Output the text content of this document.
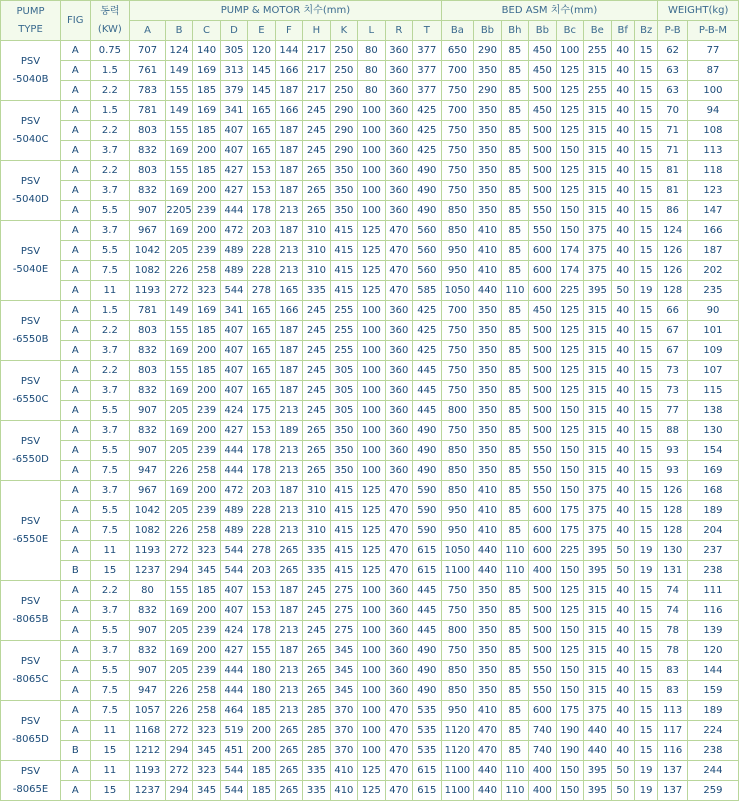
PUMP
TYPE	FIG	동력
(KW)	PUMP & MOTOR 치수(mm)											BED ASM 치수(mm)								WEIGHT(kg)	
			A	B	C	D	E	F	H	K	L	R	T	Ba	Bb	Bh	Bb	Bc	Be	Bf	Bz	P-B	P-B-M

PSV
-5040B	A	0.75	707	124	140	305	120	144	217	250	80	360	377	650	290	85	450	100	255	40	15	62	77
	A	1.5	761	149	169	313	145	166	217	250	80	360	377	700	350	85	450	125	315	40	15	63	87
	A	2.2	783	155	185	379	145	187	217	250	80	360	377	750	290	85	500	125	255	40	15	63	100

PSV
-5040C	A	1.5	781	149	169	341	165	166	245	290	100	360	425	700	350	85	450	125	315	40	15	70	94
	A	2.2	803	155	185	407	165	187	245	290	100	360	425	750	350	85	500	125	315	40	15	71	108
	A	3.7	832	169	200	407	165	187	245	290	100	360	425	750	350	85	500	150	315	40	15	71	113

PSV
-5040D	A	2.2	803	155	185	427	153	187	265	350	100	360	490	750	350	85	500	125	315	40	15	81	118
	A	3.7	832	169	200	427	153	187	265	350	100	360	490	750	350	85	500	125	315	40	15	81	123
	A	5.5	907	2205	239	444	178	213	265	350	100	360	490	850	350	85	550	150	315	40	15	86	147

PSV
-5040E	A	3.7	967	169	200	472	203	187	310	415	125	470	560	850	410	85	550	150	375	40	15	124	166
	A	5.5	1042	205	239	489	228	213	310	415	125	470	560	950	410	85	600	174	375	40	15	126	187
	A	7.5	1082	226	258	489	228	213	310	415	125	470	560	950	410	85	600	174	375	40	15	126	202
	A	11	1193	272	323	544	278	165	335	415	125	470	585	1050	440	110	600	225	395	50	19	128	235

PSV
-6550B	A	1.5	781	149	169	341	165	166	245	255	100	360	425	700	350	85	450	125	315	40	15	66	90
	A	2.2	803	155	185	407	165	187	245	255	100	360	425	750	350	85	500	125	315	40	15	67	101
	A	3.7	832	169	200	407	165	187	245	255	100	360	425	750	350	85	500	125	315	40	15	67	109

PSV
-6550C	A	2.2	803	155	185	407	165	187	245	305	100	360	445	750	350	85	500	125	315	40	15	73	107
	A	3.7	832	169	200	407	165	187	245	305	100	360	445	750	350	85	500	125	315	40	15	73	115
	A	5.5	907	205	239	424	175	213	245	305	100	360	445	800	350	85	500	150	315	40	15	77	138

PSV
-6550D	A	3.7	832	169	200	427	153	189	265	350	100	360	490	750	350	85	500	125	315	40	15	88	130
	A	5.5	907	205	239	444	178	213	265	350	100	360	490	850	350	85	550	150	315	40	15	93	154
	A	7.5	947	226	258	444	178	213	265	350	100	360	490	850	350	85	550	150	315	40	15	93	169

PSV
-6550E	A	3.7	967	169	200	472	203	187	310	415	125	470	590	850	410	85	550	150	375	40	15	126	168
	A	5.5	1042	205	239	489	228	213	310	415	125	470	590	950	410	85	600	175	375	40	15	128	189
	A	7.5	1082	226	258	489	228	213	310	415	125	470	590	950	410	85	600	175	375	40	15	128	204
	A	11	1193	272	323	544	278	265	335	415	125	470	615	1050	440	110	600	225	395	50	19	130	237
	B	15	1237	294	345	544	203	265	335	415	125	470	615	1100	440	110	400	150	395	50	19	131	238

PSV
-8065B	A	2.2	80	155	185	407	153	187	245	275	100	360	445	750	350	85	500	125	315	40	15	74	111
	A	3.7	832	169	200	407	153	187	245	275	100	360	445	750	350	85	500	125	315	40	15	74	116
	A	5.5	907	205	239	424	178	213	245	275	100	360	445	800	350	85	500	150	315	40	15	78	139

PSV
-8065C	A	3.7	832	169	200	427	155	187	265	345	100	360	490	750	350	85	500	125	315	40	15	78	120
	A	5.5	907	205	239	444	180	213	265	345	100	360	490	850	350	85	550	150	315	40	15	83	144
	A	7.5	947	226	258	444	180	213	265	345	100	360	490	850	350	85	550	150	315	40	15	83	159

PSV
-8065D	A	7.5	1057	226	258	464	185	213	285	370	100	470	535	950	410	85	600	175	375	40	15	113	189
	A	11	1168	272	323	519	200	265	285	370	100	470	535	1120	470	85	740	190	440	40	15	117	224
	B	15	1212	294	345	451	200	265	285	370	100	470	535	1120	470	85	740	190	440	40	15	116	238

PSV
-8065E	A	11	1193	272	323	544	185	265	335	410	125	470	615	1100	440	110	400	150	395	50	19	137	244
	A	15	1237	294	345	544	185	265	335	410	125	470	615	1100	440	110	400	150	395	50	19	137	259
